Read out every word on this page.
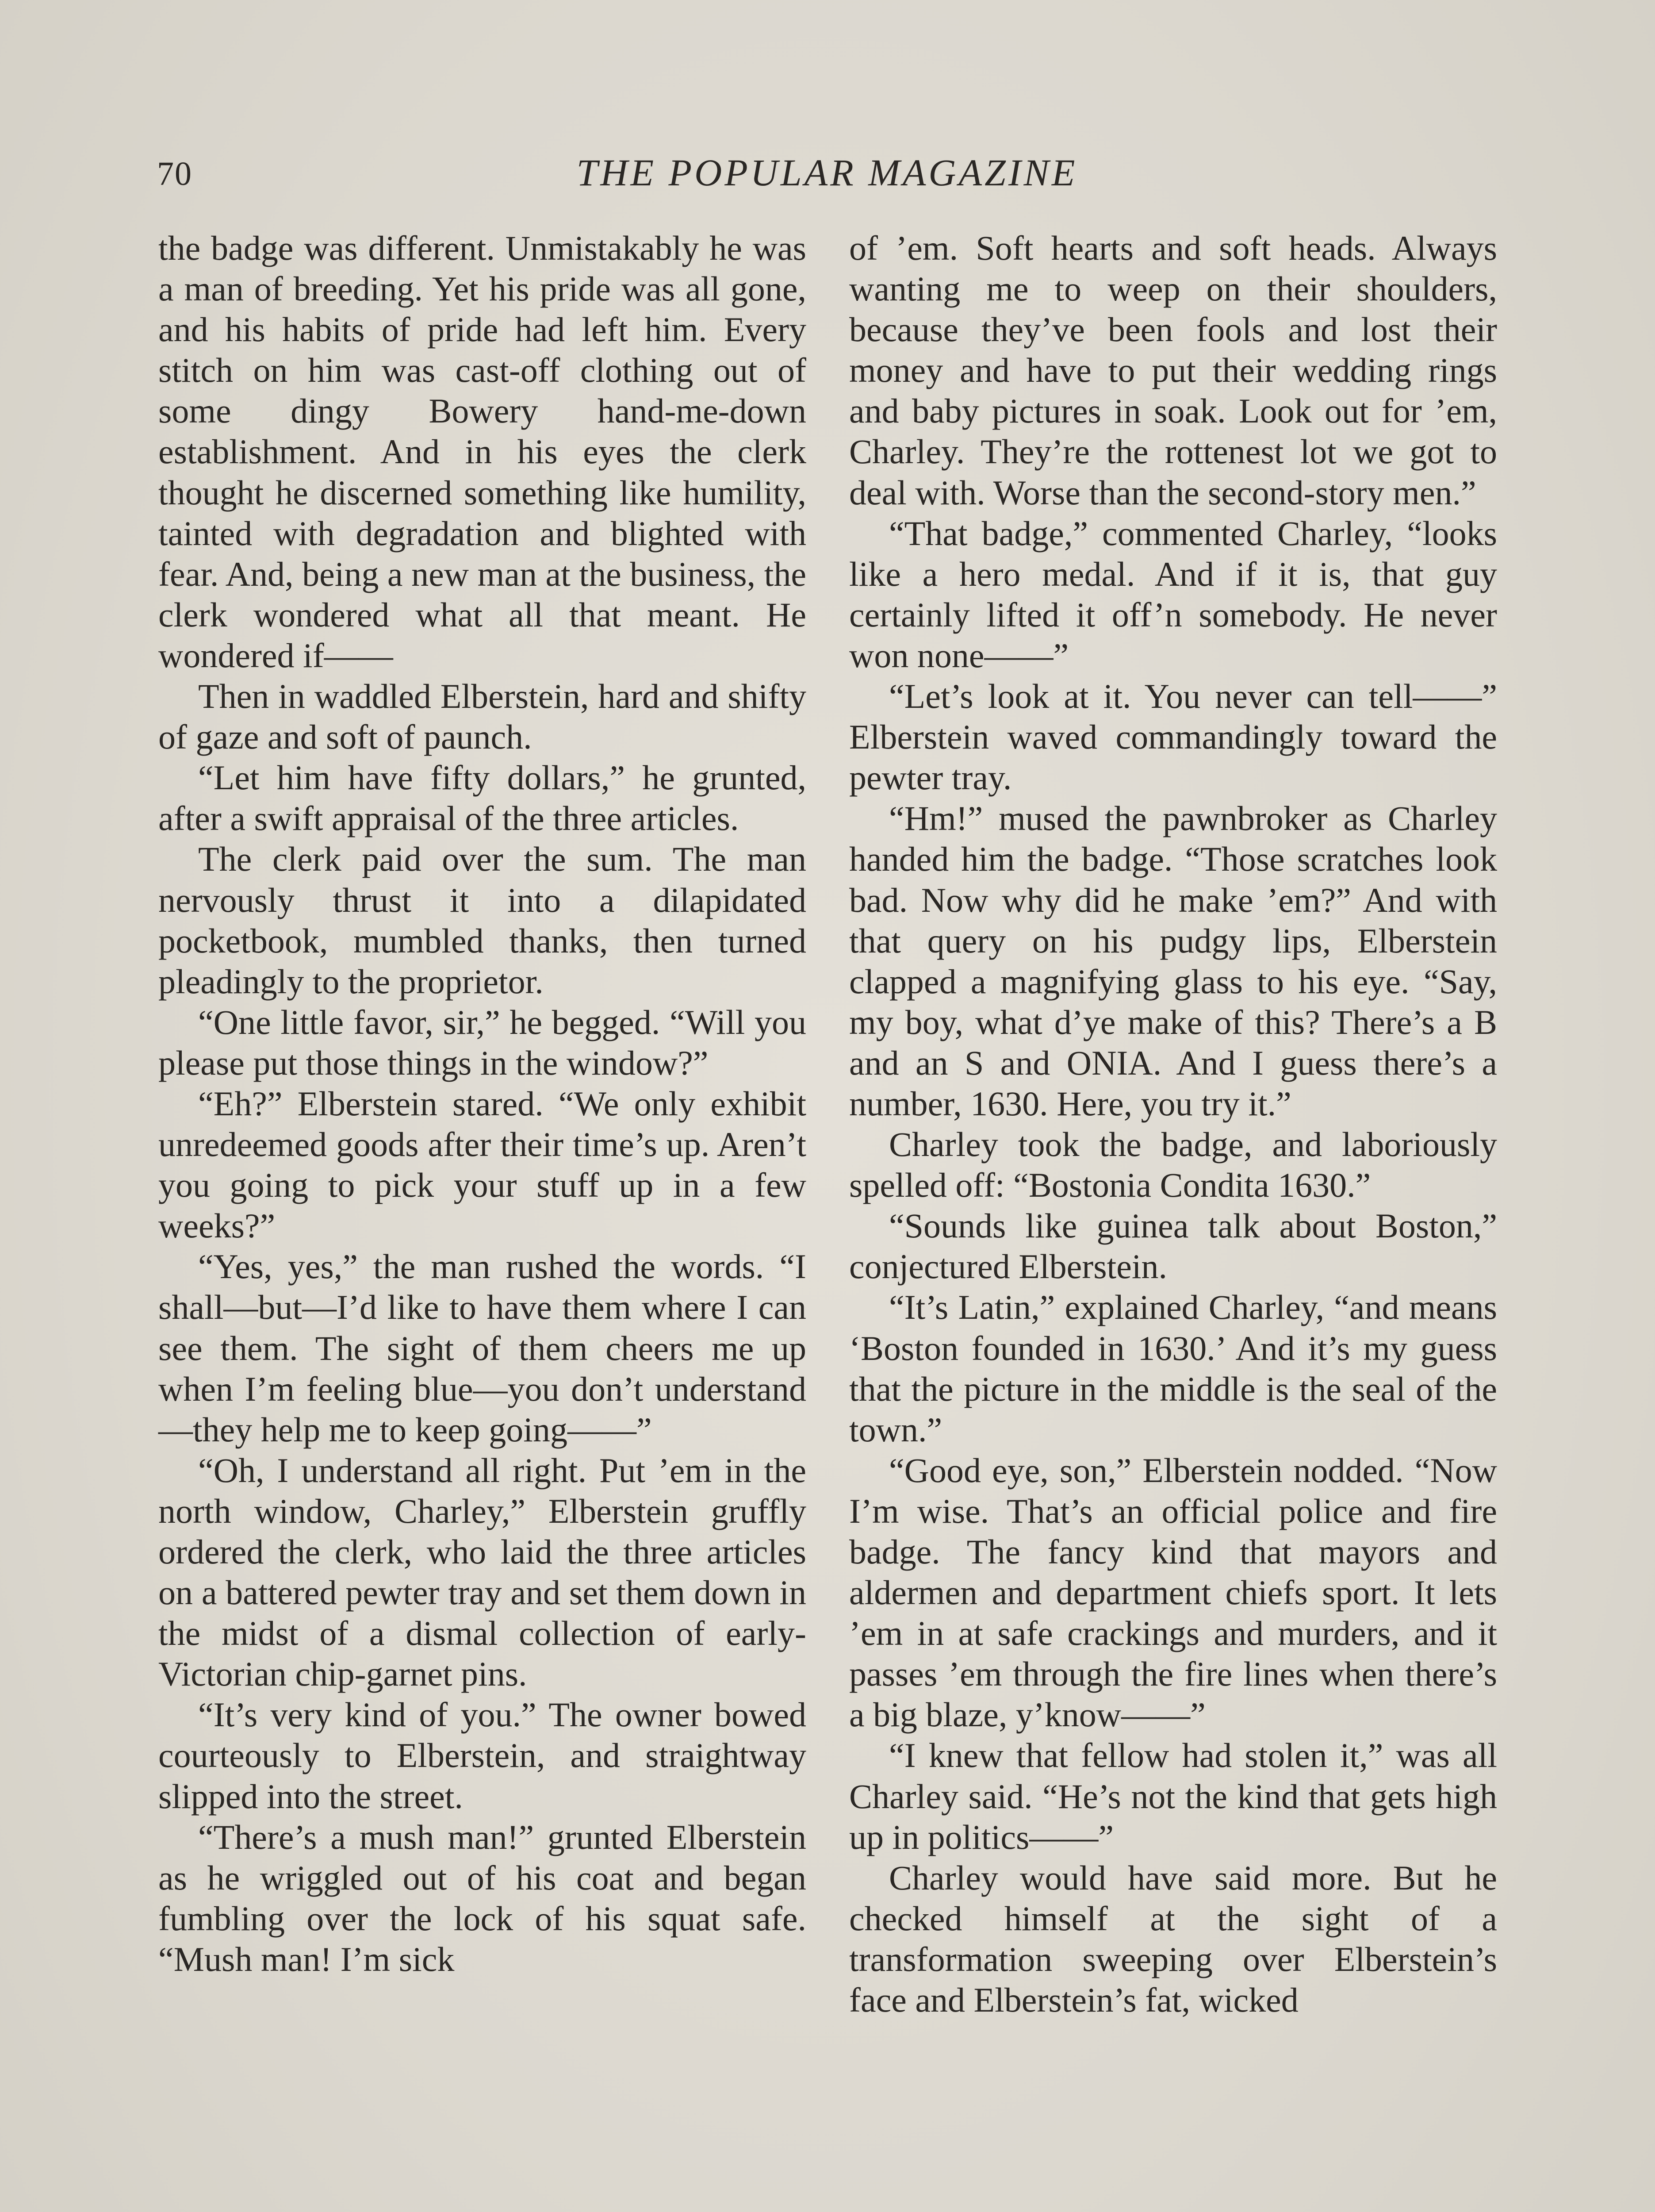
70	THE POPULAR MAGAZINE

the badge was different. Unmistakably he was a man of breeding. Yet his pride was all gone, and his habits of pride had left him. Every stitch on him was cast-off clothing out of some dingy Bowery hand-me-down establishment. And in his eyes the clerk thought he discerned something like humility, tainted with degradation and blighted with fear. And, being a new man at the business, the clerk wondered what all that meant. He wondered if——

Then in waddled Elberstein, hard and shifty of gaze and soft of paunch.

“Let him have fifty dollars,” he grunted, after a swift appraisal of the three articles.

The clerk paid over the sum. The man nervously thrust it into a dilapidated pocketbook, mumbled thanks, then turned pleadingly to the proprietor.

“One little favor, sir,” he begged. “Will you please put those things in the window?”

“Eh?” Elberstein stared. “We only exhibit unredeemed goods after their time’s up. Aren’t you going to pick your stuff up in a few weeks?”

“Yes, yes,” the man rushed the words. “I shall—but—I’d like to have them where I can see them. The sight of them cheers me up when I’m feeling blue—you don’t understand—they help me to keep going——”

“Oh, I understand all right. Put ’em in the north window, Charley,” Elberstein gruffly ordered the clerk, who laid the three articles on a battered pewter tray and set them down in the midst of a dismal collection of early-Victorian chip-garnet pins.

“It’s very kind of you.” The owner bowed courteously to Elberstein, and straightway slipped into the street.

“There’s a mush man!” grunted Elberstein as he wriggled out of his coat and began fumbling over the lock of his squat safe. “Mush man! I’m sick

of ’em. Soft hearts and soft heads. Always wanting me to weep on their shoulders, because they’ve been fools and lost their money and have to put their wedding rings and baby pictures in soak. Look out for ’em, Charley. They’re the rottenest lot we got to deal with. Worse than the second-story men.”

“That badge,” commented Charley, “looks like a hero medal. And if it is, that guy certainly lifted it off’n somebody. He never won none——”

“Let’s look at it. You never can tell——” Elberstein waved commandingly toward the pewter tray.

“Hm!” mused the pawnbroker as Charley handed him the badge. “Those scratches look bad. Now why did he make ’em?” And with that query on his pudgy lips, Elberstein clapped a magnifying glass to his eye. “Say, my boy, what d’ye make of this? There’s a B and an S and ONIA. And I guess there’s a number, 1630. Here, you try it.”

Charley took the badge, and laboriously spelled off: “Bostonia Condita 1630.”

“Sounds like guinea talk about Boston,” conjectured Elberstein.

“It’s Latin,” explained Charley, “and means ‘Boston founded in 1630.’ And it’s my guess that the picture in the middle is the seal of the town.”

“Good eye, son,” Elberstein nodded. “Now I’m wise. That’s an official police and fire badge. The fancy kind that mayors and aldermen and department chiefs sport. It lets ’em in at safe crackings and murders, and it passes ’em through the fire lines when there’s a big blaze, y’know——”

“I knew that fellow had stolen it,” was all Charley said. “He’s not the kind that gets high up in politics——”

Charley would have said more. But he checked himself at the sight of a transformation sweeping over Elberstein’s face and Elberstein’s fat, wicked
